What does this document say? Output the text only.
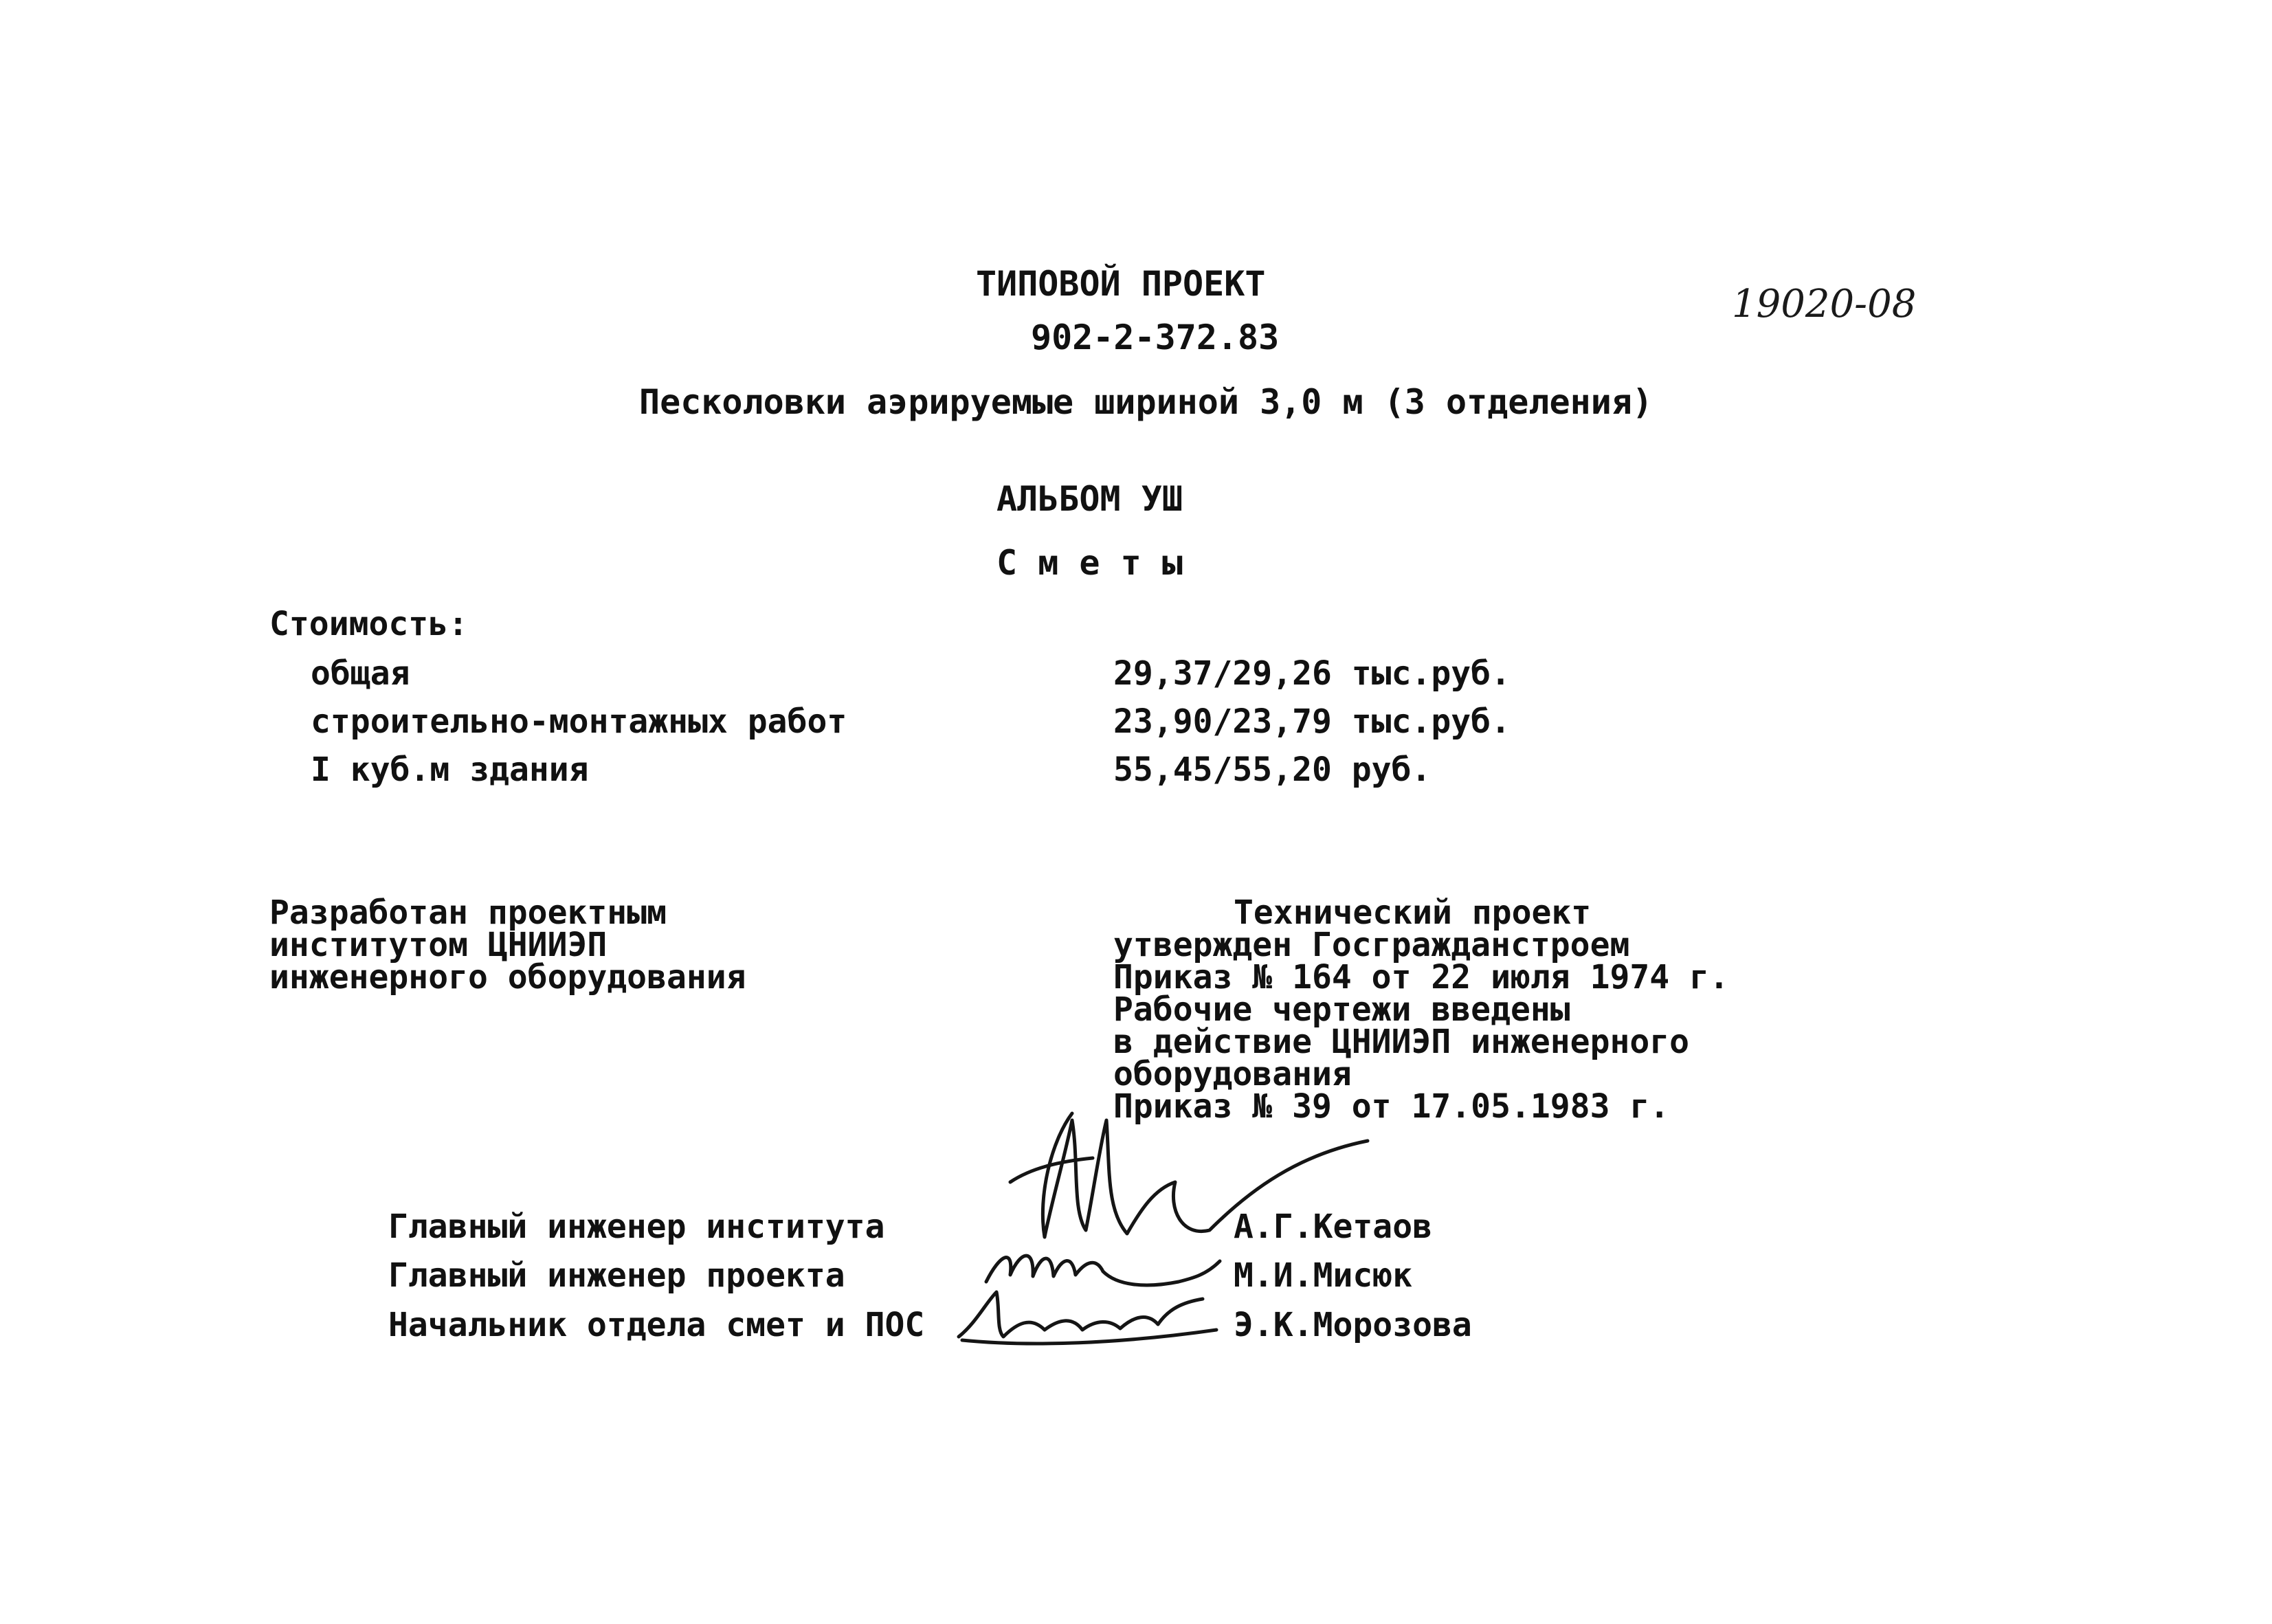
ТИПОВОЙ ПРОЕКТ
902-2-372.83
19020-08
Песколовки аэрируемые шириной 3,0 м (3 отделения)
АЛЬБОМ УШ
С м е т ы
Стоимость:
общая	29,37/29,26 тыс.руб.
строительно-монтажных работ	23,90/23,79 тыс.руб.
I куб.м здания	55,45/55,20 руб.
Разработан проектным
институтом ЦНИИЭП
инженерного оборудования
Технический проект
утвержден Госгражданстроем
Приказ № 164 от 22 июля 1974 г.
Рабочие чертежи введены
в действие ЦНИИЭП инженерного
оборудования
Приказ № 39 от 17.05.1983 г.
Главный инженер института	А.Г.Кетаов
Главный инженер проекта	М.И.Мисюк
Начальник отдела смет и ПОС	Э.К.Морозова
